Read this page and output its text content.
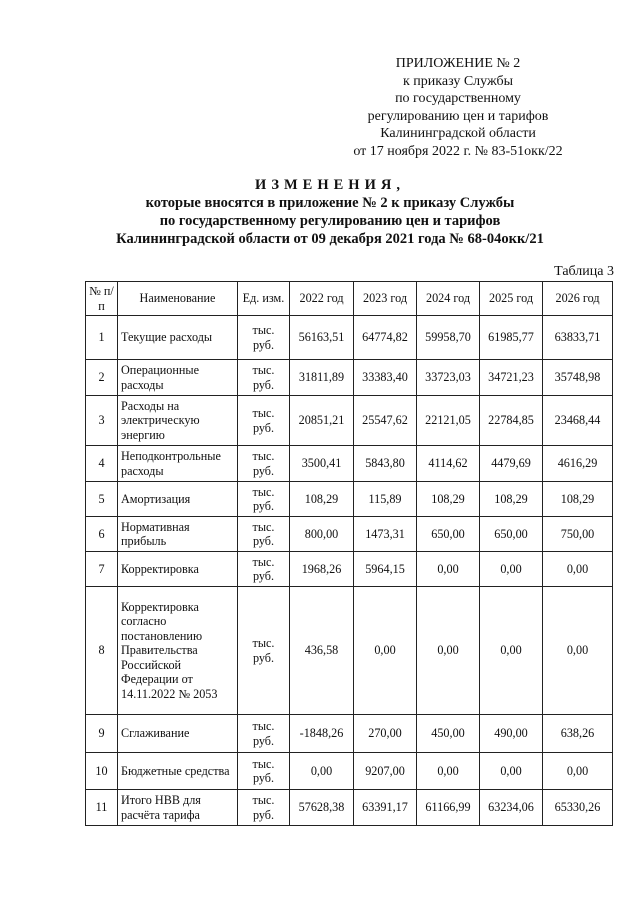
ПРИЛОЖЕНИЕ № 2
к приказу Службы
по государственному
регулированию цен и тарифов
Калининградской области
от 17 ноября 2022 г. № 83-51окк/22
ИЗМЕНЕНИЯ,
которые вносятся в приложение № 2 к приказу Службы
по государственному регулированию цен и тарифов
Калининградской области от 09 декабря 2021 года № 68-04окк/21
Таблица 3
№ п/п	Наименование	Ед. изм.	2022 год	2023 год	2024 год	2025 год	2026 год
1	Текущие расходы	тыс. руб.	56163,51	64774,82	59958,70	61985,77	63833,71
2	Операционные расходы	тыс. руб.	31811,89	33383,40	33723,03	34721,23	35748,98
3	Расходы на электрическую энергию	тыс. руб.	20851,21	25547,62	22121,05	22784,85	23468,44
4	Неподконтрольные расходы	тыс. руб.	3500,41	5843,80	4114,62	4479,69	4616,29
5	Амортизация	тыс. руб.	108,29	115,89	108,29	108,29	108,29
6	Нормативная прибыль	тыс. руб.	800,00	1473,31	650,00	650,00	750,00
7	Корректировка	тыс. руб.	1968,26	5964,15	0,00	0,00	0,00
8	Корректировка согласно постановлению Правительства Российской Федерации от 14.11.2022 № 2053	тыс. руб.	436,58	0,00	0,00	0,00	0,00
9	Сглаживание	тыс. руб.	-1848,26	270,00	450,00	490,00	638,26
10	Бюджетные средства	тыс. руб.	0,00	9207,00	0,00	0,00	0,00
11	Итого НВВ для расчёта тарифа	тыс. руб.	57628,38	63391,17	61166,99	63234,06	65330,26
